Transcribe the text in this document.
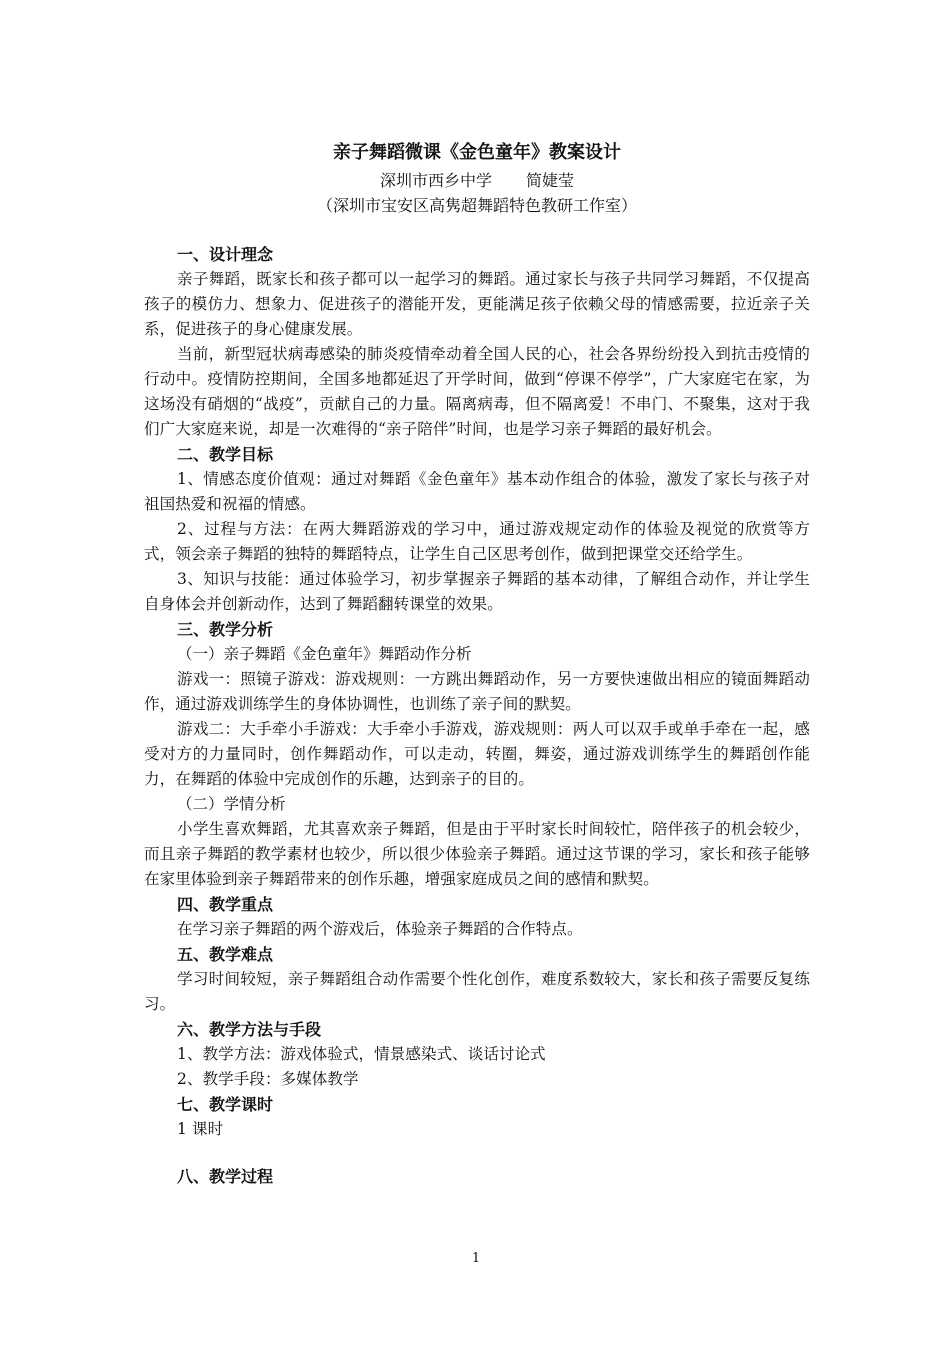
亲子舞蹈微课《金色童年》教案设计

深圳市西乡中学 简婕莹

（深圳市宝安区高隽超舞蹈特色教研工作室）

一、设计理念

亲子舞蹈，既家长和孩子都可以一起学习的舞蹈。通过家长与孩子共同学习舞蹈，不仅提高孩子的模仿力、想象力、促进孩子的潜能开发，更能满足孩子依赖父母的情感需要，拉近亲子关系，促进孩子的身心健康发展。

当前，新型冠状病毒感染的肺炎疫情牵动着全国人民的心，社会各界纷纷投入到抗击疫情的行动中。疫情防控期间，全国多地都延迟了开学时间，做到“停课不停学”，广大家庭宅在家，为这场没有硝烟的“战疫”，贡献自己的力量。隔离病毒，但不隔离爱！不串门、不聚集，这对于我们广大家庭来说，却是一次难得的“亲子陪伴”时间，也是学习亲子舞蹈的最好机会。

二、教学目标

1、情感态度价值观：通过对舞蹈《金色童年》基本动作组合的体验，激发了家长与孩子对祖国热爱和祝福的情感。

2、过程与方法：在两大舞蹈游戏的学习中，通过游戏规定动作的体验及视觉的欣赏等方式，领会亲子舞蹈的独特的舞蹈特点，让学生自己区思考创作，做到把课堂交还给学生。

3、知识与技能：通过体验学习，初步掌握亲子舞蹈的基本动律，了解组合动作，并让学生自身体会并创新动作，达到了舞蹈翻转课堂的效果。

三、教学分析

（一）亲子舞蹈《金色童年》舞蹈动作分析

游戏一：照镜子游戏：游戏规则：一方跳出舞蹈动作，另一方要快速做出相应的镜面舞蹈动作，通过游戏训练学生的身体协调性，也训练了亲子间的默契。

游戏二：大手牵小手游戏：大手牵小手游戏，游戏规则：两人可以双手或单手牵在一起，感受对方的力量同时，创作舞蹈动作，可以走动，转圈，舞姿，通过游戏训练学生的舞蹈创作能力，在舞蹈的体验中完成创作的乐趣，达到亲子的目的。

（二）学情分析

小学生喜欢舞蹈，尤其喜欢亲子舞蹈，但是由于平时家长时间较忙，陪伴孩子的机会较少，而且亲子舞蹈的教学素材也较少，所以很少体验亲子舞蹈。通过这节课的学习，家长和孩子能够在家里体验到亲子舞蹈带来的创作乐趣，增强家庭成员之间的感情和默契。

四、教学重点

在学习亲子舞蹈的两个游戏后，体验亲子舞蹈的合作特点。

五、教学难点

学习时间较短，亲子舞蹈组合动作需要个性化创作，难度系数较大，家长和孩子需要反复练习。

六、教学方法与手段

1、教学方法：游戏体验式，情景感染式、谈话讨论式

2、教学手段：多媒体教学

七、教学课时

1 课时

八、教学过程

1
